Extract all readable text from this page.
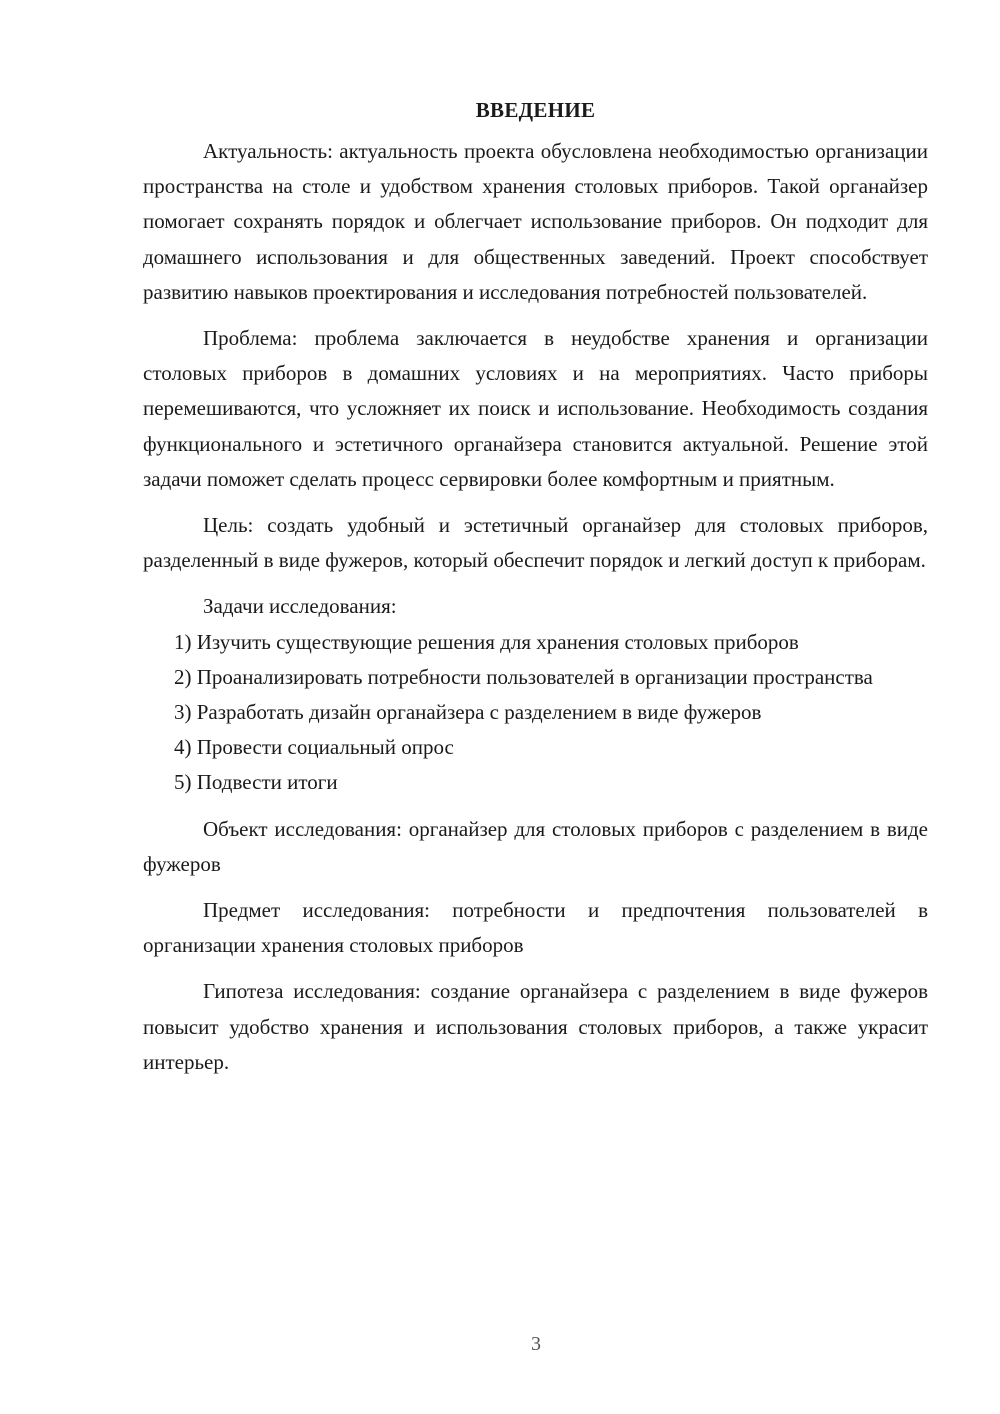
ВВЕДЕНИЕ

Актуальность: актуальность проекта обусловлена необходимостью организации пространства на столе и удобством хранения столовых приборов. Такой органайзер помогает сохранять порядок и облегчает использование приборов. Он подходит для домашнего использования и для общественных заведений. Проект способствует развитию навыков проектирования и исследования потребностей пользователей.

Проблема: проблема заключается в неудобстве хранения и организации столовых приборов в домашних условиях и на мероприятиях. Часто приборы перемешиваются, что усложняет их поиск и использование. Необходимость создания функционального и эстетичного органайзера становится актуальной. Решение этой задачи поможет сделать процесс сервировки более комфортным и приятным.

Цель: создать удобный и эстетичный органайзер для столовых приборов, разделенный в виде фужеров, который обеспечит порядок и легкий доступ к приборам.

Задачи исследования:

1) Изучить существующие решения для хранения столовых приборов

2) Проанализировать потребности пользователей в организации пространства

3) Разработать дизайн органайзера с разделением в виде фужеров

4) Провести социальный опрос

5) Подвести итоги

Объект исследования: органайзер для столовых приборов с разделением в виде фужеров

Предмет исследования: потребности и предпочтения пользователей в организации хранения столовых приборов

Гипотеза исследования: создание органайзера с разделением в виде фужеров повысит удобство хранения и использования столовых приборов, а также украсит интерьер.

3
